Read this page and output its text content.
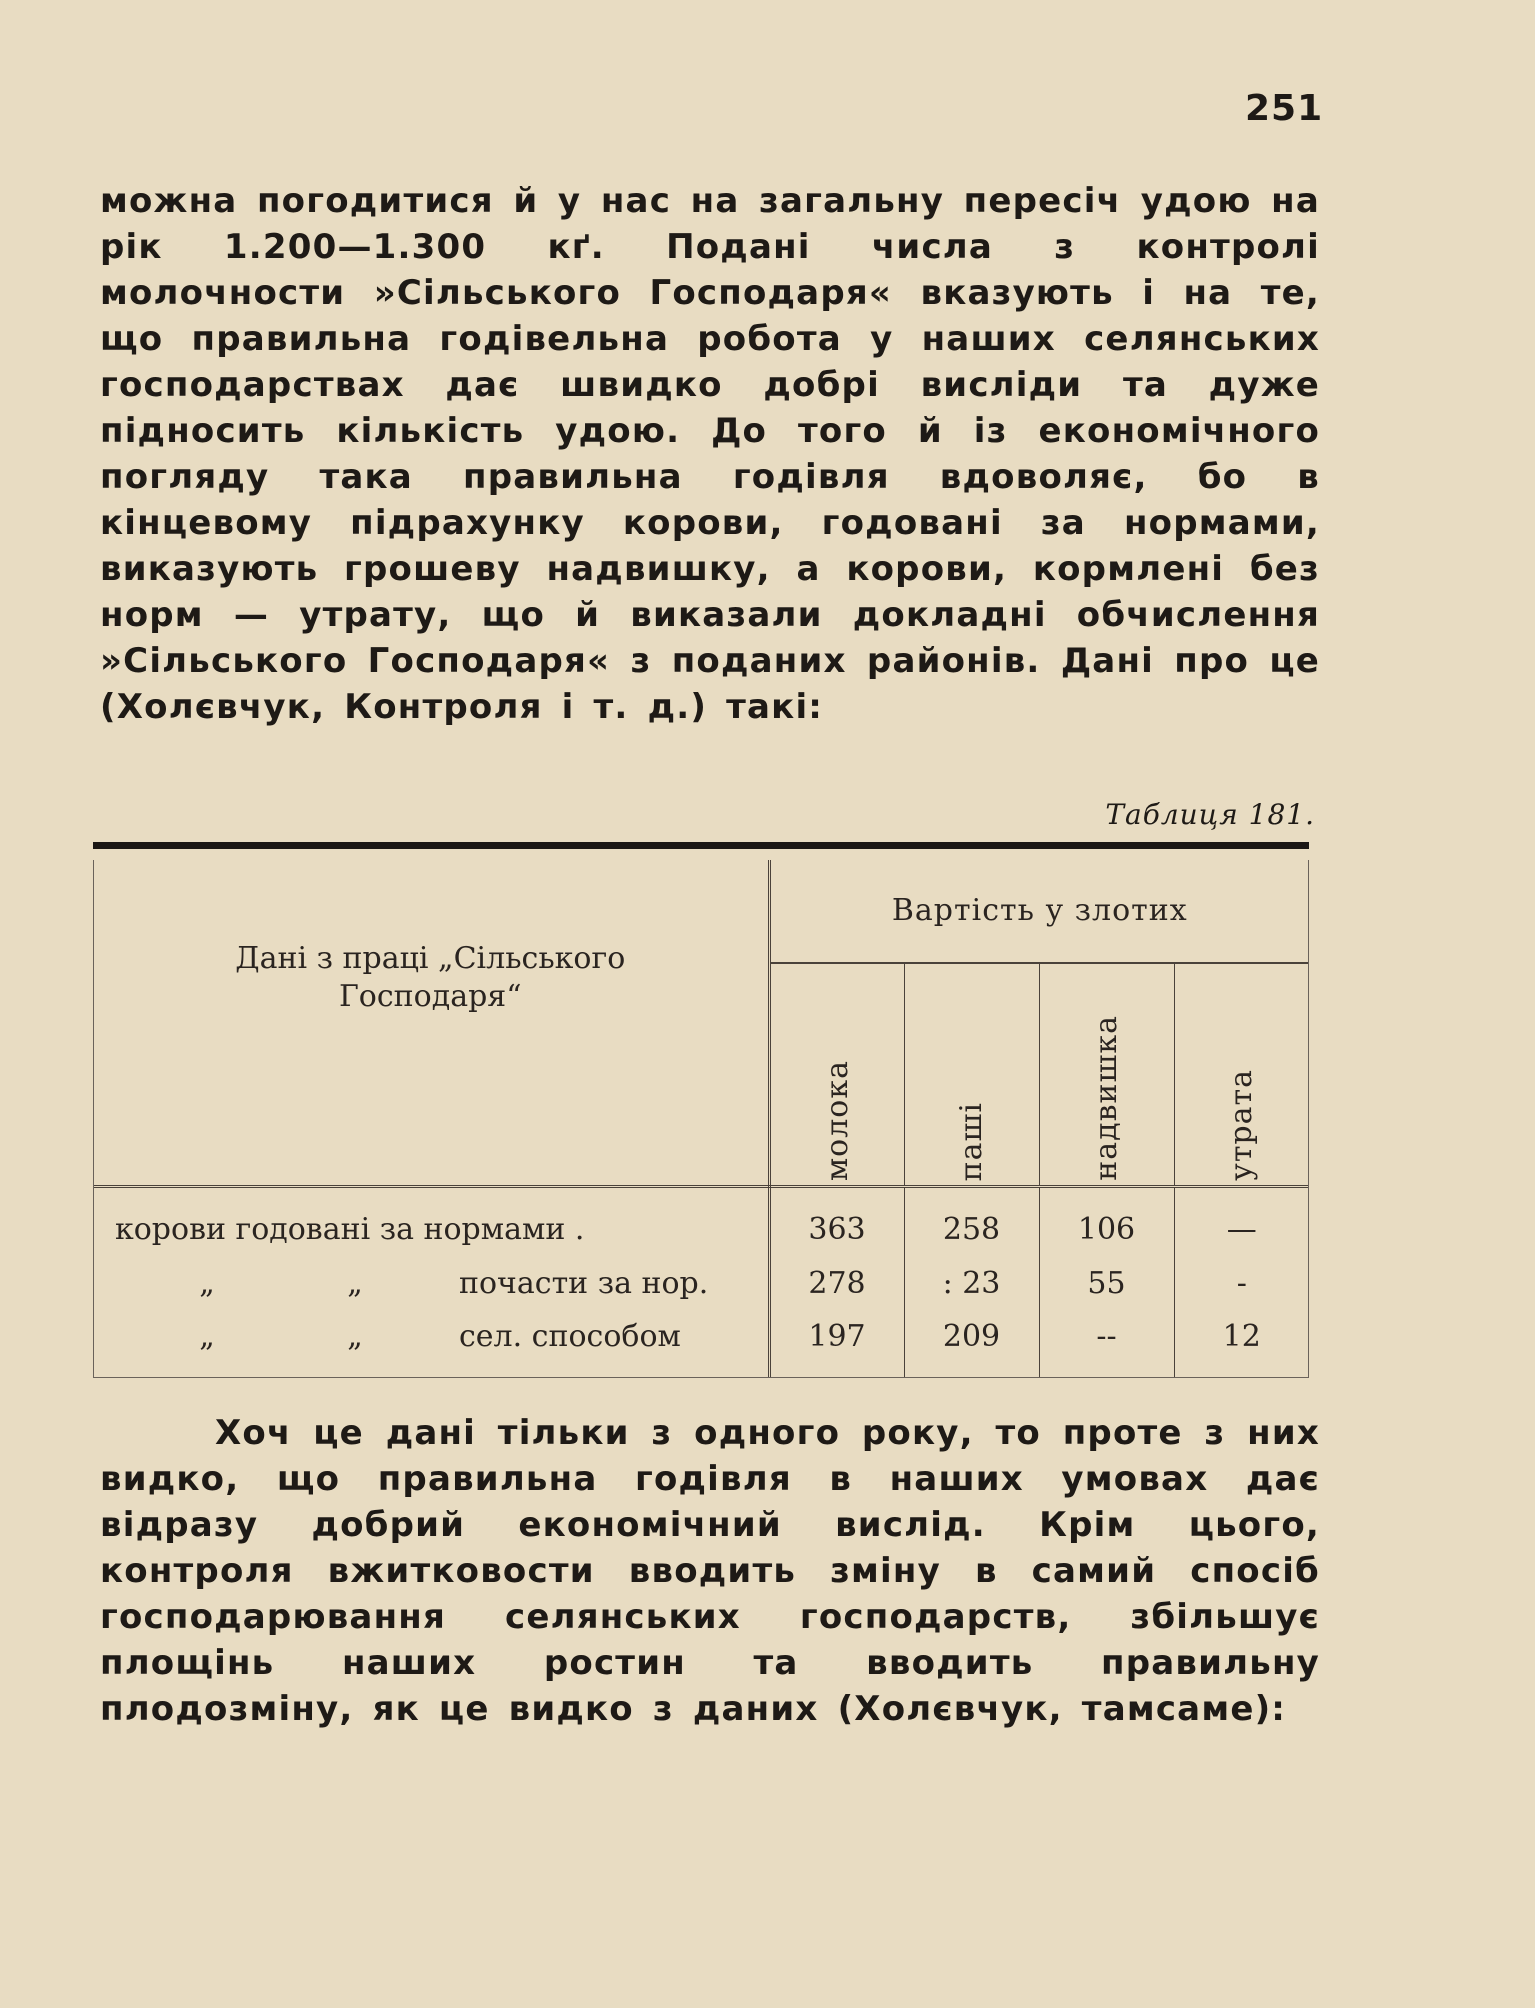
251

можна погодитися й у нас на загальну пересіч удою на рік 1.200—1.300 кґ. Подані числа з контролі молочности »Сільського Господаря« вказують і на те, що правильна годівельна робота у наших селянських господарствах дає швидко добрі висліди та дуже підносить кількість удою. До того й із економічного погляду така правильна годівля вдоволяє, бо в кінцевому підрахунку корови, годовані за нормами, виказують грошеву надвишку, а корови, кормлені без норм — утрату, що й виказали докладні обчислення »Сільського Господаря« з поданих районів. Дані про це (Холєвчук, Контроля і т. д.) такі:

Таблиця 181.
Дані з праці „Сільського Господаря“	Вартість у злотих			
	молока	паші	надвишка	утрата
корови годовані за нормами .	363	258	106	—
„ „ почасти за нор.	278	: 23	55	-
„ „ сел. способом	197	209	--	12

Хоч це дані тільки з одного року, то проте з них видко, що правильна годівля в наших умовах дає відразу добрий економічний вислід. Крім цього, контроля вжитковости вводить зміну в самий спосіб господарювання селянських господарств, збільшує площінь наших ростин та вводить правильну плодозміну, як це видко з даних (Холєвчук, тамсаме):
